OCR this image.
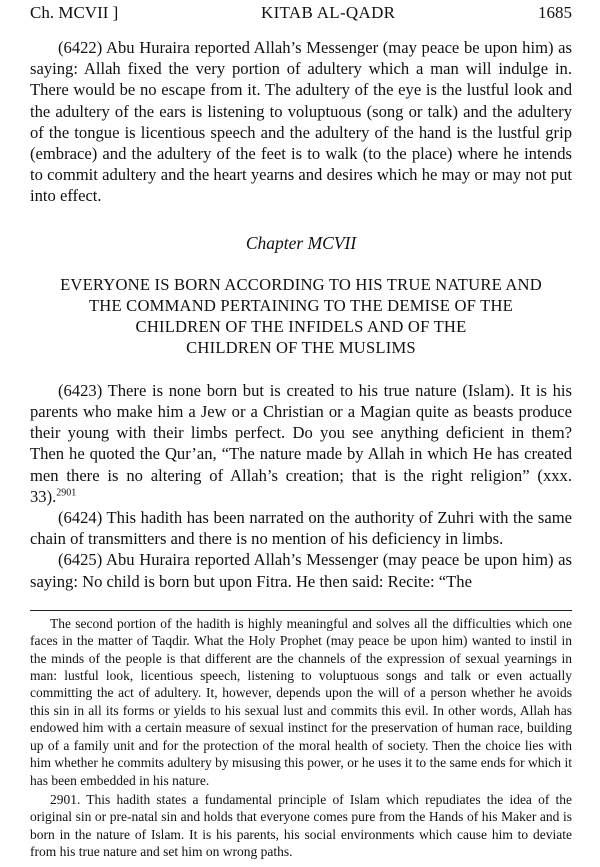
Ch. MCVII ]	KITAB AL-QADR	1685

(6422) Abu Huraira reported Allah’s Messenger (may peace be upon him) as saying: Allah fixed the very portion of adultery which a man will indulge in. There would be no escape from it. The adultery of the eye is the lustful look and the adultery of the ears is listening to voluptuous (song or talk) and the adultery of the tongue is licentious speech and the adultery of the hand is the lustful grip (embrace) and the adultery of the feet is to walk (to the place) where he intends to commit adultery and the heart yearns and desires which he may or may not put into effect.

Chapter MCVII
EVERYONE IS BORN ACCORDING TO HIS TRUE NATURE AND
THE COMMAND PERTAINING TO THE DEMISE OF THE
CHILDREN OF THE INFIDELS AND OF THE
CHILDREN OF THE MUSLIMS

(6423) There is none born but is created to his true nature (Islam). It is his parents who make him a Jew or a Christian or a Magian quite as beasts produce their young with their limbs perfect. Do you see anything deficient in them? Then he quoted the Qur’an, “The nature made by Allah in which He has created men there is no altering of Allah’s creation; that is the right religion” (xxx. 33).$^{2901}$

(6424) This hadith has been narrated on the authority of Zuhri with the same chain of transmitters and there is no mention of his deficiency in limbs.

(6425) Abu Huraira reported Allah’s Messenger (may peace be upon him) as saying: No child is born but upon Fitra. He then said: Recite: “The

The second portion of the hadith is highly meaningful and solves all the difficulties which one faces in the matter of Taqdir. What the Holy Prophet (may peace be upon him) wanted to instil in the minds of the people is that different are the channels of the expression of sexual yearnings in man: lustful look, licentious speech, listening to voluptuous songs and talk or even actually committing the act of adultery. It, however, depends upon the will of a person whether he avoids this sin in all its forms or yields to his sexual lust and commits this evil. In other words, Allah has endowed him with a certain measure of sexual instinct for the preservation of human race, building up of a family unit and for the protection of the moral health of society. Then the choice lies with him whether he commits adultery by misusing this power, or he uses it to the same ends for which it has been embedded in his nature.

2901. This hadith states a fundamental principle of Islam which repudiates the idea of the original sin or pre-natal sin and holds that everyone comes pure from the Hands of his Maker and is born in the nature of Islam. It is his parents, his social environments which cause him to deviate from his true nature and set him on wrong paths.
